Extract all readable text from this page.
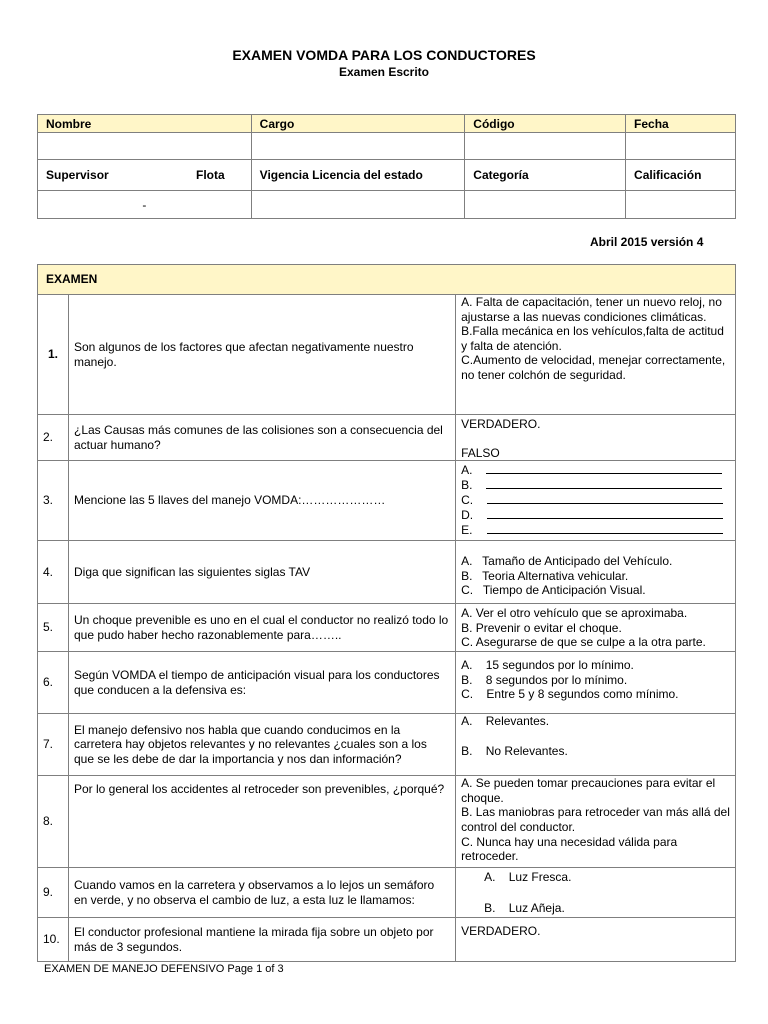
EXAMEN VOMDA PARA LOS CONDUCTORES
Examen Escrito
Nombre	Cargo	Código	Fecha

Supervisor Flota	Vigencia Licencia del estado	Categoría	Calificación
-			
Abril 2015 versión 4
EXAMEN		
1.	Son algunos de los factores que afectan negativamente nuestro manejo.	A. Falta de capacitación, tener un nuevo reloj, no ajustarse a las nuevas condiciones climáticas.
B.Falla mecánica en los vehículos,falta de actitud y falta de atención.
C.Aumento de velocidad, menejar correctamente, no tener colchón de seguridad.

2.	¿Las Causas más comunes de las colisiones son a consecuencia del actuar humano?	VERDADERO.
FALSO

3.	Mencione las 5 llaves del manejo VOMDA:…………………	A.
B.
C.
D.
E.

4.	Diga que significan las siguientes siglas TAV	A.   Tamaño de Anticipado del Vehículo.
B.   Teoria Alternativa vehicular.
C.   Tiempo de Anticipación Visual.

5.	Un choque prevenible es uno en el cual el conductor no realizó todo lo que pudo haber hecho razonablemente para……..	A. Ver el otro vehículo que se aproximaba.
B. Prevenir o evitar el choque.
C. Asegurarse de que se culpe a la otra parte.

6.	Según VOMDA el tiempo de anticipación visual para los conductores que conducen a la defensiva es:	A.    15 segundos por lo mínimo.
B.    8 segundos por lo mínimo.
C.    Entre 5 y 8 segundos como mínimo.

7.	El manejo defensivo nos habla que cuando conducimos en la carretera hay objetos relevantes y no relevantes ¿cuales son a los que se les debe de dar la importancia y nos dan información?	A.    Relevantes.
B.    No Relevantes.

8.	Por lo general los accidentes al retroceder son prevenibles, ¿porqué?	A. Se pueden tomar precauciones para evitar el choque.
B. Las maniobras para retroceder van más allá del control del conductor.
C. Nunca hay una necesidad válida para retroceder.

9.	Cuando vamos en la carretera y observamos a lo lejos un semáforo en verde, y no observa el cambio de luz, a esta luz le llamamos:	A.    Luz Fresca.
B.    Luz Añeja.

10.	El conductor profesional mantiene la mirada fija sobre un objeto por más de 3 segundos.	VERDADERO.
EXAMEN DE MANEJO DEFENSIVO Page 1 of 3
